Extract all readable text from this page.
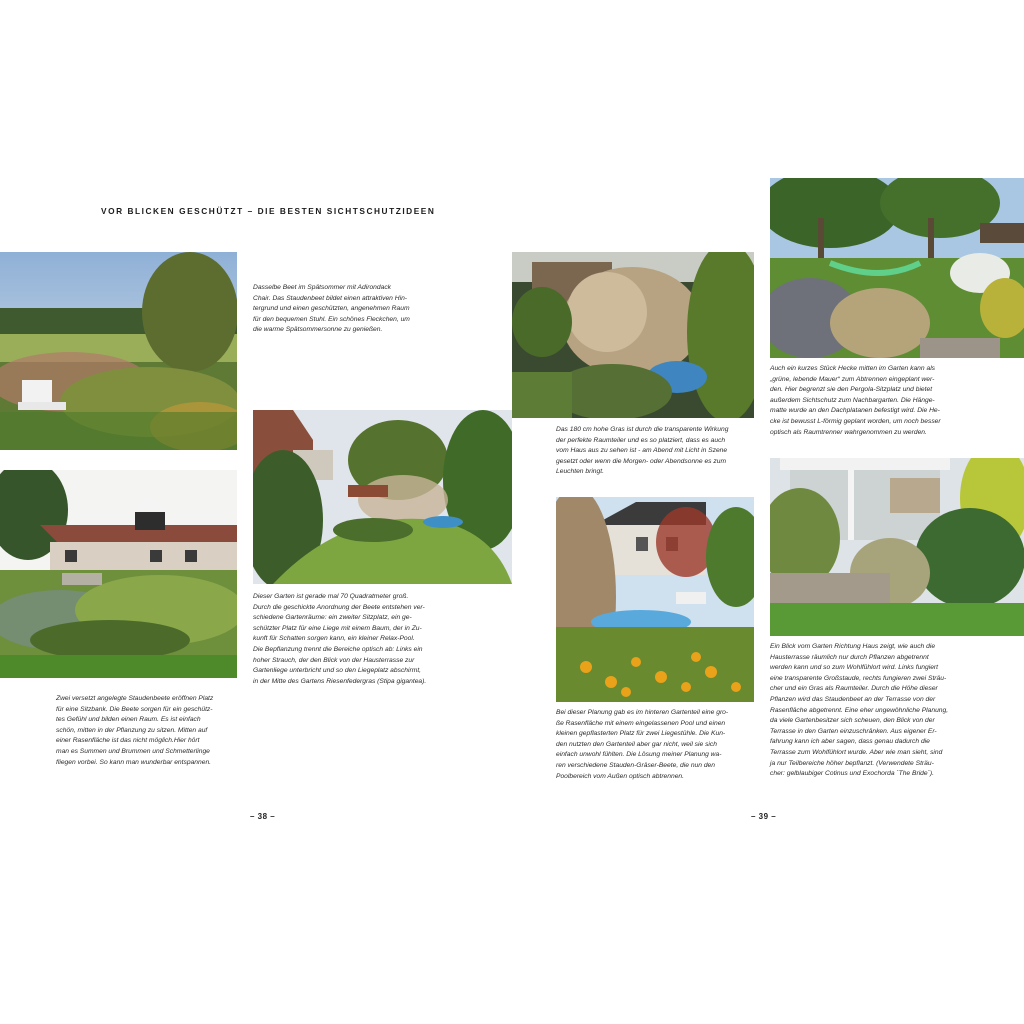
VOR BLICKEN GESCHÜTZT – DIE BESTEN SICHTSCHUTZIDEEN
Dasselbe Beet im Spätsommer mit Adirondack
Chair. Das Staudenbeet bildet einen attraktiven Hin-
tergrund und einen geschützten, angenehmen Raum
für den bequemen Stuhl. Ein schönes Fleckchen, um
die warme Spätsommersonne zu genießen.
Zwei versetzt angelegte Staudenbeete eröffnen Platz
für eine Sitzbank. Die Beete sorgen für ein geschütz-
tes Gefühl und bilden einen Raum. Es ist einfach
schön, mitten in der Pflanzung zu sitzen. Mitten auf
einer Rasenfläche ist das nicht möglich.Hier hört
man es Summen und Brummen und Schmetterlinge
fliegen vorbei. So kann man wunderbar entspannen.
Dieser Garten ist gerade mal 70 Quadratmeter groß.
Durch die geschickte Anordnung der Beete entstehen ver-
schiedene Gartenräume: ein zweiter Sitzplatz, ein ge-
schützter Platz für eine Liege mit einem Baum, der in Zu-
kunft für Schatten sorgen kann, ein kleiner Relax-Pool.
Die Bepflanzung trennt die Bereiche optisch ab: Links ein
hoher Strauch, der den Blick von der Hausterrasse zur
Gartenliege unterbricht und so den Liegeplatz abschirmt,
in der Mitte des Gartens Riesenfedergras (Stipa gigantea).
Das 180 cm hohe Gras ist durch die transparente Wirkung
der perfekte Raumteiler und es so platziert, dass es auch
vom Haus aus zu sehen ist - am Abend mit Licht in Szene
gesetzt oder wenn die Morgen- oder Abendsonne es zum
Leuchten bringt.
Bei dieser Planung gab es im hinteren Gartenteil eine gro-
ße Rasenfläche mit einem eingelassenen Pool und einen
kleinen gepflasterten Platz für zwei Liegestühle. Die Kun-
den nutzten den Gartenteil aber gar nicht, weil sie sich
einfach unwohl fühlten. Die Lösung meiner Planung wa-
ren verschiedene Stauden-Gräser-Beete, die nun den
Poolbereich vom Außen optisch abtrennen.
Auch ein kurzes Stück Hecke mitten im Garten kann als
„grüne, lebende Mauer“ zum Abtrennen eingeplant wer-
den. Hier begrenzt sie den Pergola-Sitzplatz und bietet
außerdem Sichtschutz zum Nachbargarten. Die Hänge-
matte wurde an den Dachplatanen befestigt wird. Die He-
cke ist bewusst L-förmig geplant worden, um noch besser
optisch als Raumtrenner wahrgenommen zu werden.
Ein Blick vom Garten Richtung Haus zeigt, wie auch die
Hausterrasse räumlich nur durch Pflanzen abgetrennt
werden kann und so zum Wohlfühlort wird. Links fungiert
eine transparente Großstaude, rechts fungieren zwei Sträu-
cher und ein Gras als Raumteiler. Durch die Höhe dieser
Pflanzen wird das Staudenbeet an der Terrasse von der
Rasenfläche abgetrennt. Eine eher ungewöhnliche Planung,
da viele Gartenbesitzer sich scheuen, den Blick von der
Terrasse in den Garten einzuschränken. Aus eigener Er-
fahrung kann ich aber sagen, dass genau dadurch die
Terrasse zum Wohlfühlort wurde. Aber wie man sieht, sind
ja nur Teilbereiche höher bepflanzt. (Verwendete Sträu-
cher: gelblaubiger Cotinus und Exochorda ´The Bride´).
– 38 –	– 39 –
